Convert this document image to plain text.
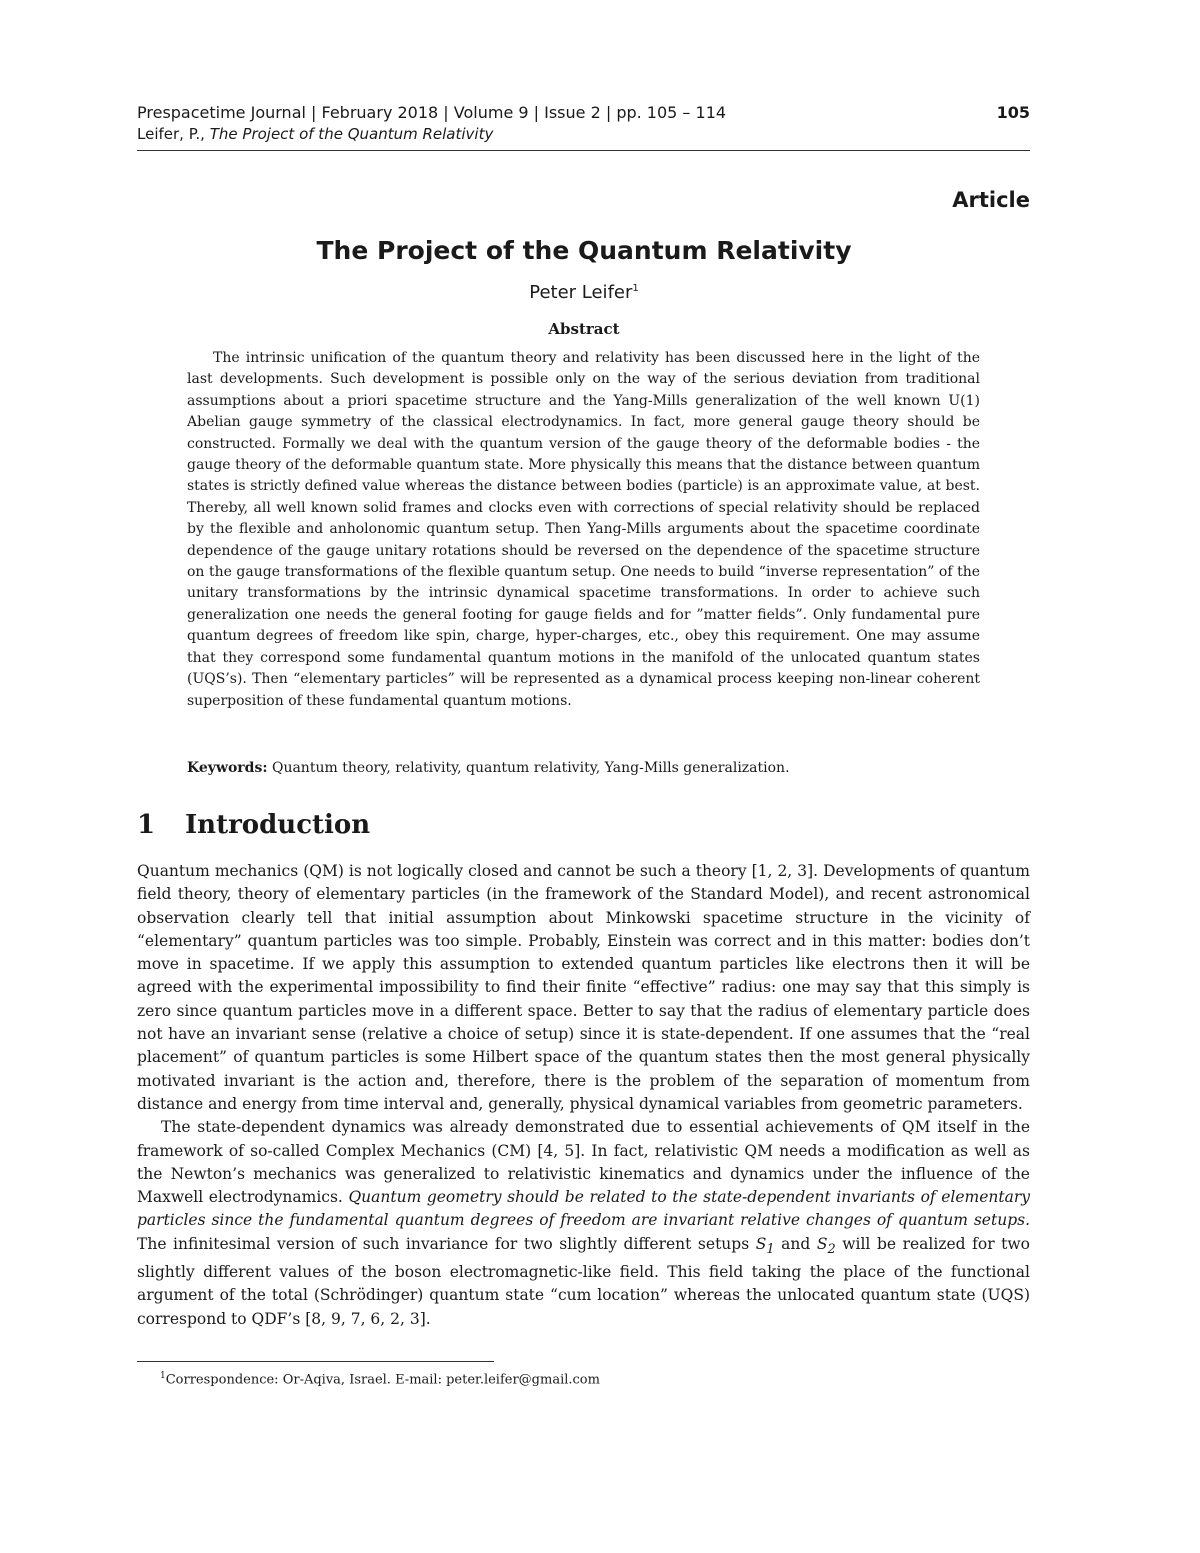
Prespacetime Journal | February 2018 | Volume 9 | Issue 2 | pp. 105 – 114	105
Leifer, P., The Project of the Quantum Relativity
Article
The Project of the Quantum Relativity
Peter Leifer$^1$
Abstract
The intrinsic unification of the quantum theory and relativity has been discussed here in the light of the last developments. Such development is possible only on the way of the serious deviation from traditional assumptions about a priori spacetime structure and the Yang-Mills generalization of the well known U(1) Abelian gauge symmetry of the classical electrodynamics. In fact, more general gauge theory should be constructed. Formally we deal with the quantum version of the gauge theory of the deformable bodies - the gauge theory of the deformable quantum state. More physically this means that the distance between quantum states is strictly defined value whereas the distance between bodies (particle) is an approximate value, at best. Thereby, all well known solid frames and clocks even with corrections of special relativity should be replaced by the flexible and anholonomic quantum setup. Then Yang-Mills arguments about the spacetime coordinate dependence of the gauge unitary rotations should be reversed on the dependence of the spacetime structure on the gauge transformations of the flexible quantum setup. One needs to build “inverse representation” of the unitary transformations by the intrinsic dynamical spacetime transformations. In order to achieve such generalization one needs the general footing for gauge fields and for ”matter fields”. Only fundamental pure quantum degrees of freedom like spin, charge, hyper-charges, etc., obey this requirement. One may assume that they correspond some fundamental quantum motions in the manifold of the unlocated quantum states (UQS’s). Then “elementary particles” will be represented as a dynamical process keeping non-linear coherent superposition of these fundamental quantum motions.
Keywords: Quantum theory, relativity, quantum relativity, Yang-Mills generalization.
1 Introduction

Quantum mechanics (QM) is not logically closed and cannot be such a theory [1, 2, 3]. Developments of quantum field theory, theory of elementary particles (in the framework of the Standard Model), and recent astronomical observation clearly tell that initial assumption about Minkowski spacetime structure in the vicinity of “elementary” quantum particles was too simple. Probably, Einstein was correct and in this matter: bodies don’t move in spacetime. If we apply this assumption to extended quantum particles like electrons then it will be agreed with the experimental impossibility to find their finite “effective” radius: one may say that this simply is zero since quantum particles move in a different space. Better to say that the radius of elementary particle does not have an invariant sense (relative a choice of setup) since it is state-dependent. If one assumes that the “real placement” of quantum particles is some Hilbert space of the quantum states then the most general physically motivated invariant is the action and, therefore, there is the problem of the separation of momentum from distance and energy from time interval and, generally, physical dynamical variables from geometric parameters.

The state-dependent dynamics was already demonstrated due to essential achievements of QM itself in the framework of so-called Complex Mechanics (CM) [4, 5]. In fact, relativistic QM needs a modification as well as the Newton’s mechanics was generalized to relativistic kinematics and dynamics under the influence of the Maxwell electrodynamics. Quantum geometry should be related to the state-dependent invariants of elementary particles since the fundamental quantum degrees of freedom are invariant relative changes of quantum setups. The infinitesimal version of such invariance for two slightly different setups $S_1$ and $S_2$ will be realized for two slightly different values of the boson electromagnetic-like field. This field taking the place of the functional argument of the total (Schrödinger) quantum state “cum location” whereas the unlocated quantum state (UQS) correspond to QDF’s [8, 9, 7, 6, 2, 3].

$^1$Correspondence: Or-Aqiva, Israel. E-mail: peter.leifer@gmail.com
